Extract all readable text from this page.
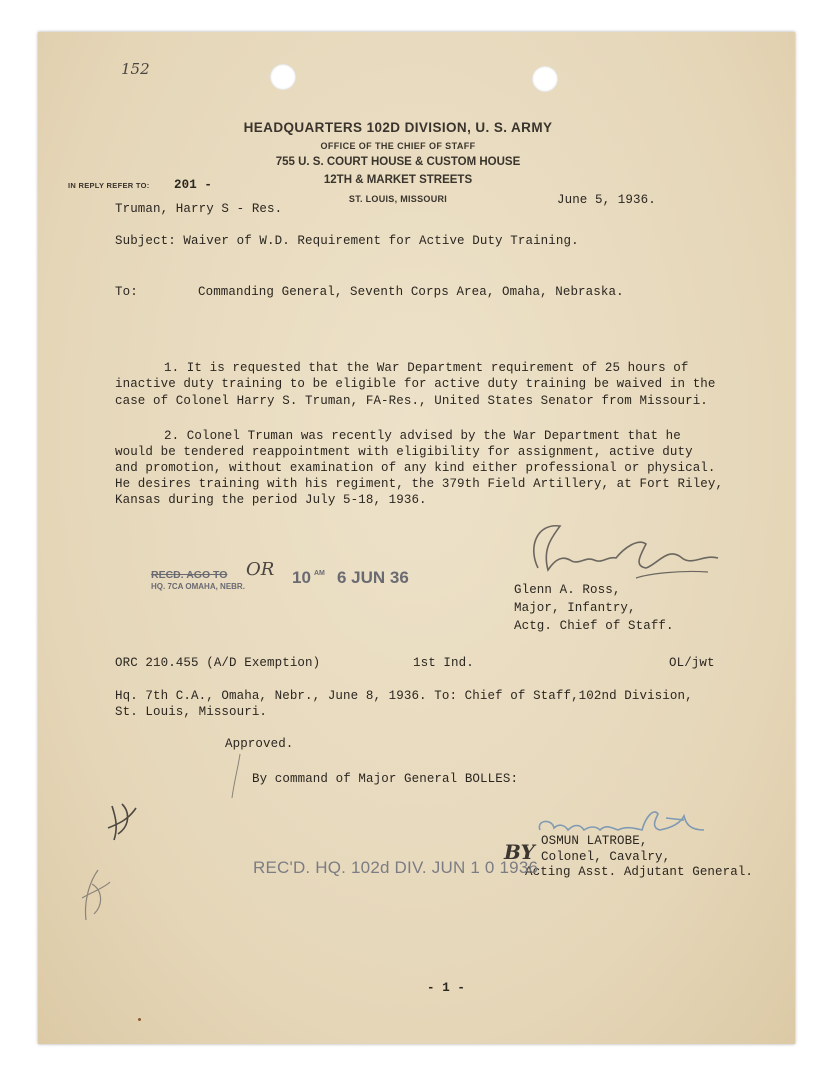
152
HEADQUARTERS 102D DIVISION, U. S. ARMY
OFFICE OF THE CHIEF OF STAFF
755 U. S. COURT HOUSE & CUSTOM HOUSE
12TH & MARKET STREETS
ST. LOUIS, MISSOURI
IN REPLY REFER TO: 201 -
June 5, 1936.
Truman, Harry S - Res.
Subject: Waiver of W.D. Requirement for Active Duty Training.
To:	Commanding General, Seventh Corps Area, Omaha, Nebraska.
1. It is requested that the War Department requirement of 25 hours of
inactive duty training to be eligible for active duty training be waived in the
case of Colonel Harry S. Truman, FA-Res., United States Senator from Missouri.
2. Colonel Truman was recently advised by the War Department that he
would be tendered reappointment with eligibility for assignment, active duty
and promotion, without examination of any kind either professional or physical.
He desires training with his regiment, the 379th Field Artillery, at Fort Riley,
Kansas during the period July 5-18, 1936.
RECD. AGO TO
HQ. 7CA OMAHA, NEBR.
OR 10 AM 6 JUN 36
Glenn A. Ross,
Major, Infantry,
Actg. Chief of Staff.
ORC 210.455 (A/D Exemption)	1st Ind.	OL/jwt
Hq. 7th C.A., Omaha, Nebr., June 8, 1936. To: Chief of Staff,102nd Division,
St. Louis, Missouri.
Approved.
By command of Major General BOLLES:
OSMUN LATROBE,
Colonel, Cavalry,
Acting Asst. Adjutant General.
REC'D. HQ. 102d DIV. JUN 1 0 1936
BY
- 1 -
